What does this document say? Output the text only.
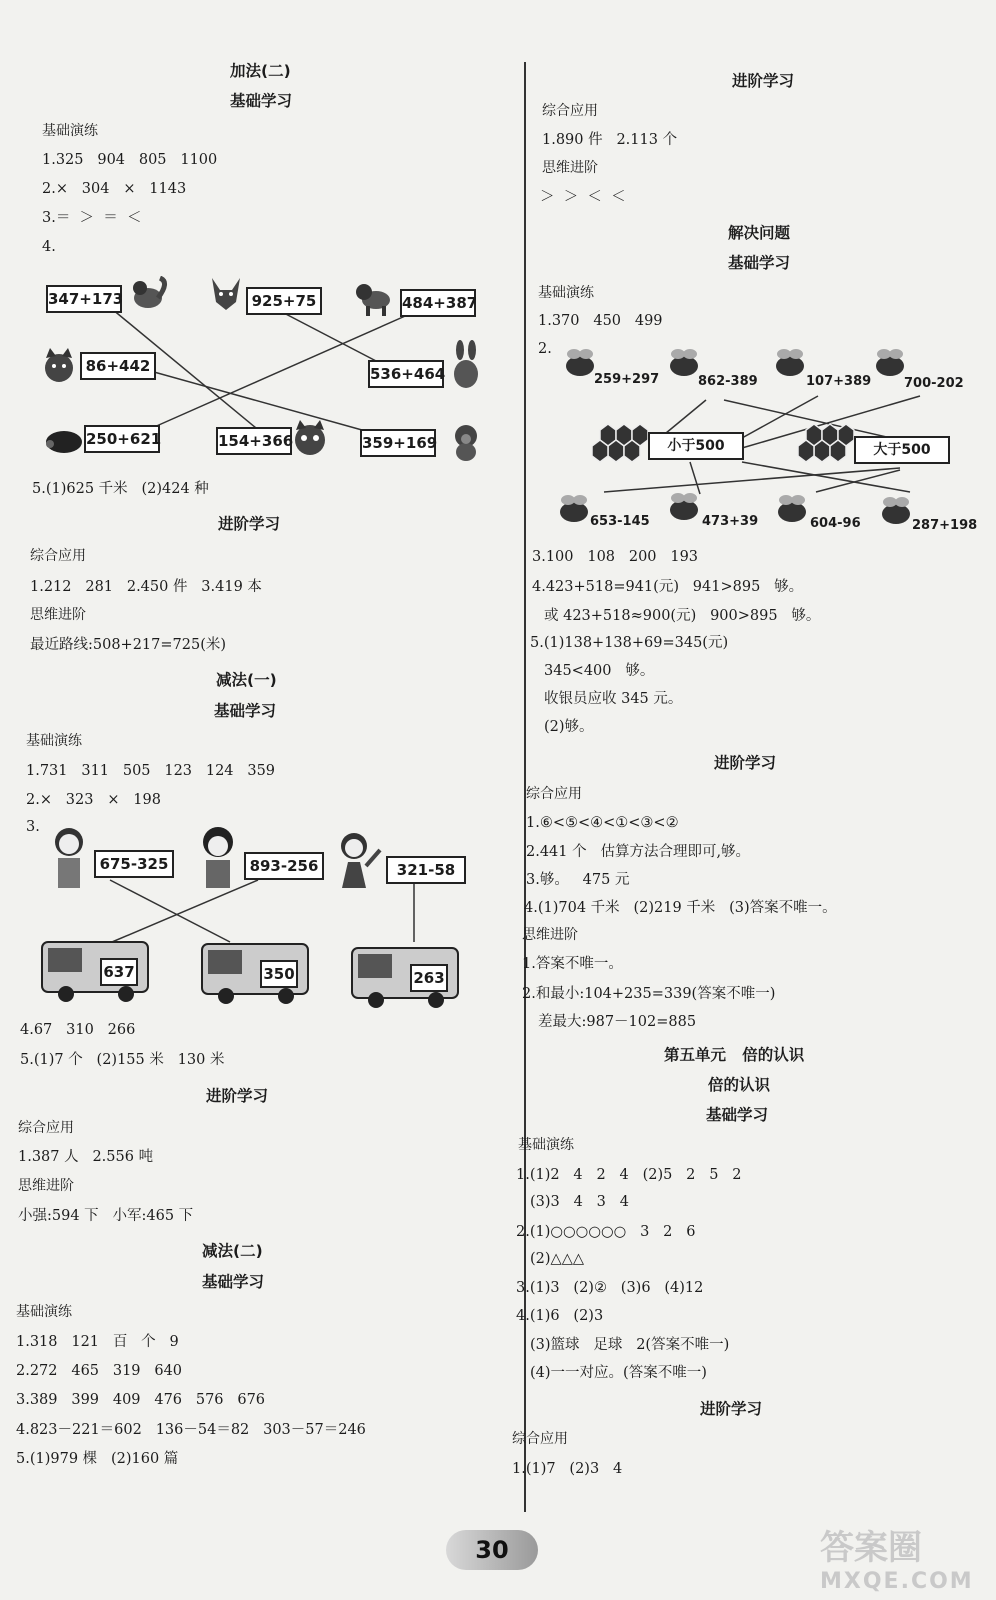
加法(二)
基础学习
基础演练
1.325   904   805   1100
2.×   304   ×   1143
3.＝  ＞  ＝  ＜
4.
347+173	925+75	484+387
86+442	536+464
250+621	154+366	359+169
5.(1)625 千米   (2)424 种
进阶学习
综合应用
1.212   281   2.450 件   3.419 本
思维进阶
最近路线:508+217=725(米)
减法(一)
基础学习
基础演练
1.731   311   505   123   124   359
2.×   323   ×   198
3.
675-325	893-256	321-58
637	350	263
4.67   310   266
5.(1)7 个   (2)155 米   130 米
进阶学习
综合应用
1.387 人   2.556 吨
思维进阶
小强:594 下   小军:465 下
减法(二)
基础学习
基础演练
1.318   121   百   个   9
2.272   465   319   640
3.389   399   409   476   576   676
4.823－221＝602   136－54＝82   303－57＝246
5.(1)979 棵   (2)160 篇
进阶学习
综合应用
1.890 件   2.113 个
思维进阶
＞  ＞  ＜  ＜
解决问题
基础学习
基础演练
1.370   450   499
2.
259+297	862-389	107+389	700-202
小于500	大于500
653-145	473+39	604-96	287+198
3.100   108   200   193
4.423+518=941(元)   941>895   够。
或 423+518≈900(元)   900>895   够。
5.(1)138+138+69=345(元)
345<400   够。
收银员应收 345 元。
(2)够。
进阶学习
综合应用
1.⑥<⑤<④<①<③<②
2.441 个   估算方法合理即可,够。
3.够。   475 元
4.(1)704 千米   (2)219 千米   (3)答案不唯一。
思维进阶
1.答案不唯一。
2.和最小:104+235=339(答案不唯一)
差最大:987－102=885
第五单元   倍的认识
倍的认识
基础学习
基础演练
1.(1)2   4   2   4   (2)5   2   5   2
(3)3   4   3   4
2.(1)○○○○○○   3   2   6
(2)△△△
3.(1)3   (2)②   (3)6   (4)12
4.(1)6   (2)3
(3)篮球   足球   2(答案不唯一)
(4)一一对应。(答案不唯一)
进阶学习
综合应用
1.(1)7   (2)3   4
30	答案圈
MXQE.COM
